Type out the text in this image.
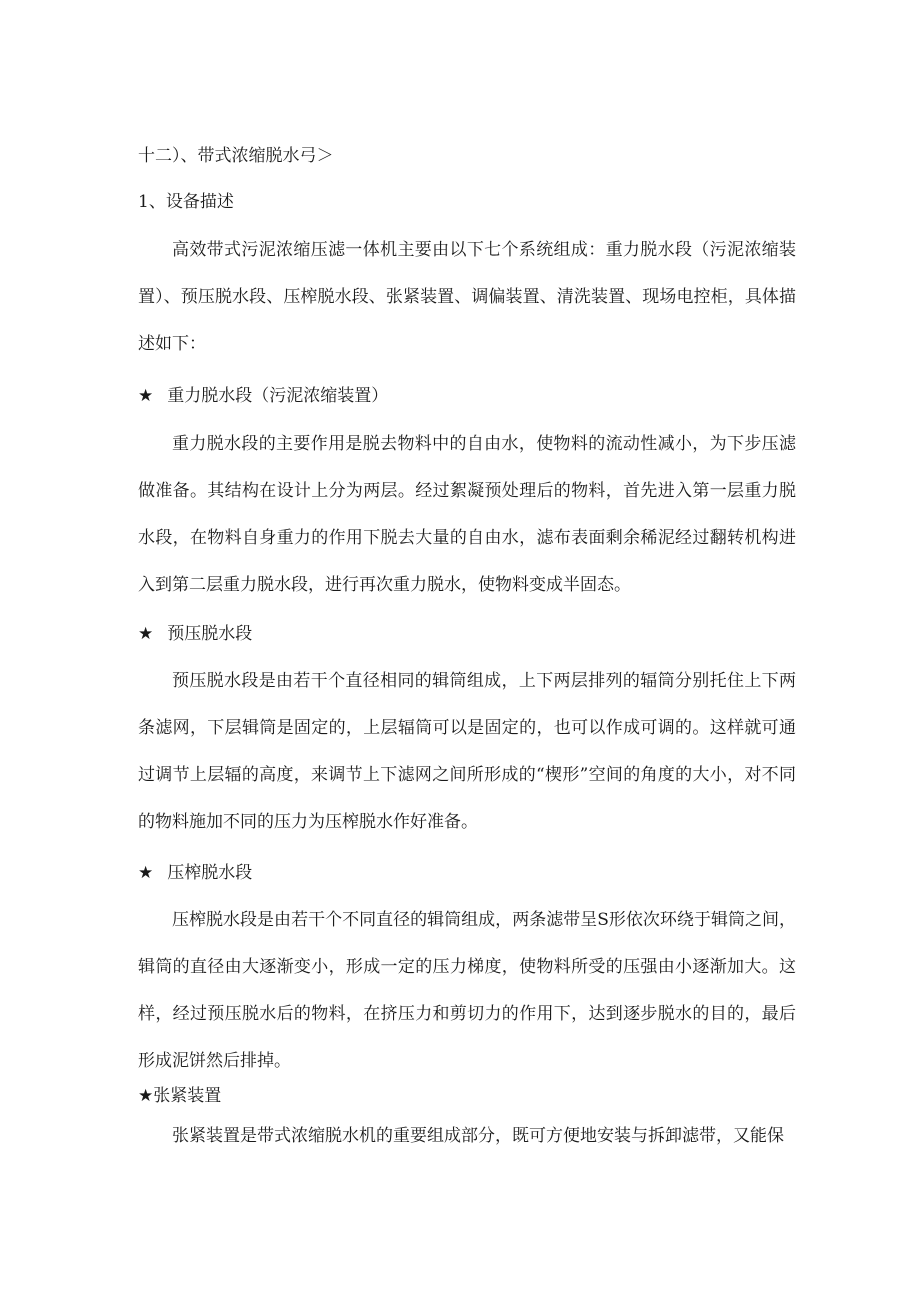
十二）、带式浓缩脱水弓＞
1、设备描述
高效带式污泥浓缩压滤一体机主要由以下七个系统组成：重力脱水段（污泥浓缩装置）、预压脱水段、压榨脱水段、张紧装置、调偏装置、清洗装置、现场电控柜，具体描述如下：
★ 重力脱水段（污泥浓缩装置）
重力脱水段的主要作用是脱去物料中的自由水，使物料的流动性减小，为下步压滤做准备。其结构在设计上分为两层。经过絮凝预处理后的物料，首先进入第一层重力脱水段，在物料自身重力的作用下脱去大量的自由水，滤布表面剩余稀泥经过翻转机构进入到第二层重力脱水段，进行再次重力脱水，使物料变成半固态。
★ 预压脱水段
预压脱水段是由若干个直径相同的辑筒组成，上下两层排列的辐筒分别托住上下两条滤网，下层辑筒是固定的，上层辐筒可以是固定的，也可以作成可调的。这样就可通过调节上层辐的高度，来调节上下滤网之间所形成的“楔形”空间的角度的大小，对不同的物料施加不同的压力为压榨脱水作好准备。
★ 压榨脱水段
压榨脱水段是由若干个不同直径的辑筒组成，两条滤带呈S形依次环绕于辑筒之间，辑筒的直径由大逐渐变小，形成一定的压力梯度，使物料所受的压强由小逐渐加大。这样，经过预压脱水后的物料，在挤压力和剪切力的作用下，达到逐步脱水的目的，最后形成泥饼然后排掉。
★张紧装置
张紧装置是带式浓缩脱水机的重要组成部分，既可方便地安装与拆卸滤带，又能保
